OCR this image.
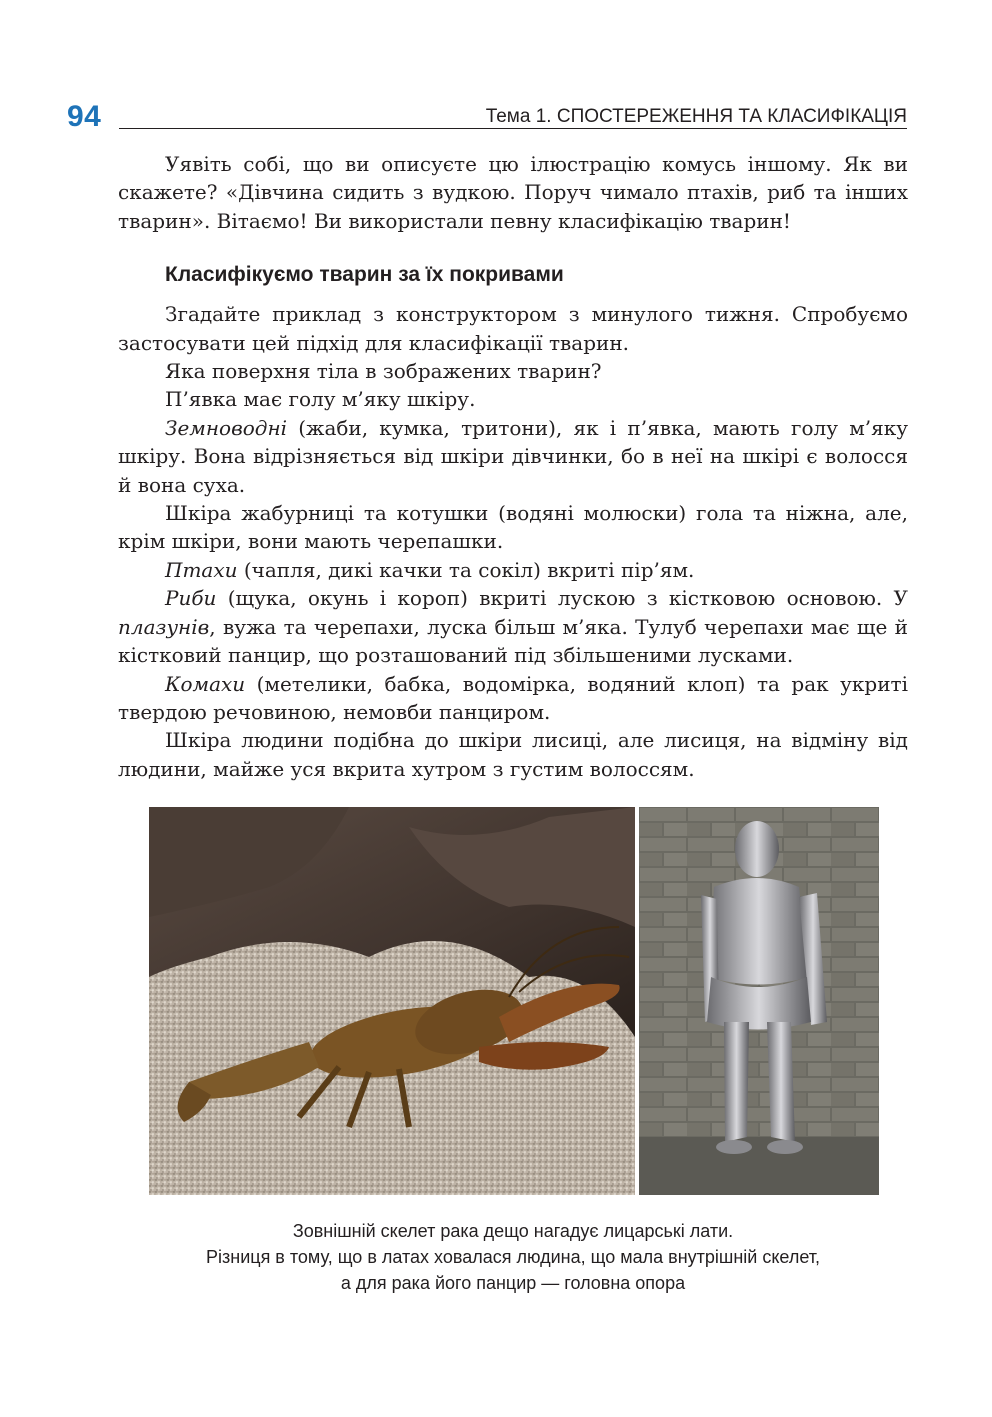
94	Тема 1. СПОСТЕРЕЖЕННЯ ТА КЛАСИФІКАЦІЯ

Уявіть собі, що ви описуєте цю ілюстрацію комусь іншому. Як ви скажете? «Дівчина сидить з вудкою. Поруч чимало птахів, риб та інших тварин». Вітаємо! Ви використали певну класифікацію тварин!

Класифікуємо тварин за їх покривами

Згадайте приклад з конструктором з минулого тижня. Спробуємо застосувати цей підхід для класифікації тварин.

Яка поверхня тіла в зображених тварин?

П’явка має голу м’яку шкіру.

Земноводні (жаби, кумка, тритони), як і п’явка, мають голу м’яку шкіру. Вона відрізняється від шкіри дівчинки, бо в неї на шкірі є волосся й вона суха.

Шкіра жабурниці та котушки (водяні молюски) гола та ніжна, але, крім шкіри, вони мають черепашки.

Птахи (чапля, дикі качки та сокіл) вкриті пір’ям.

Риби (щука, окунь і короп) вкриті лускою з кістковою основою. У плазунів, вужа та черепахи, луска більш м’яка. Тулуб черепахи має ще й кістковий панцир, що розташований під збільшеними лусками.

Комахи (метелики, бабка, водомірка, водяний клоп) та рак укриті твердою речовиною, немовби панциром.

Шкіра людини подібна до шкіри лисиці, але лисиця, на відміну від людини, майже уся вкрита хутром з густим волоссям.

Зовнішній скелет рака дещо нагадує лицарські лати.
Різниця в тому, що в латах ховалася людина, що мала внутрішній скелет,
а для рака його панцир — головна опора
